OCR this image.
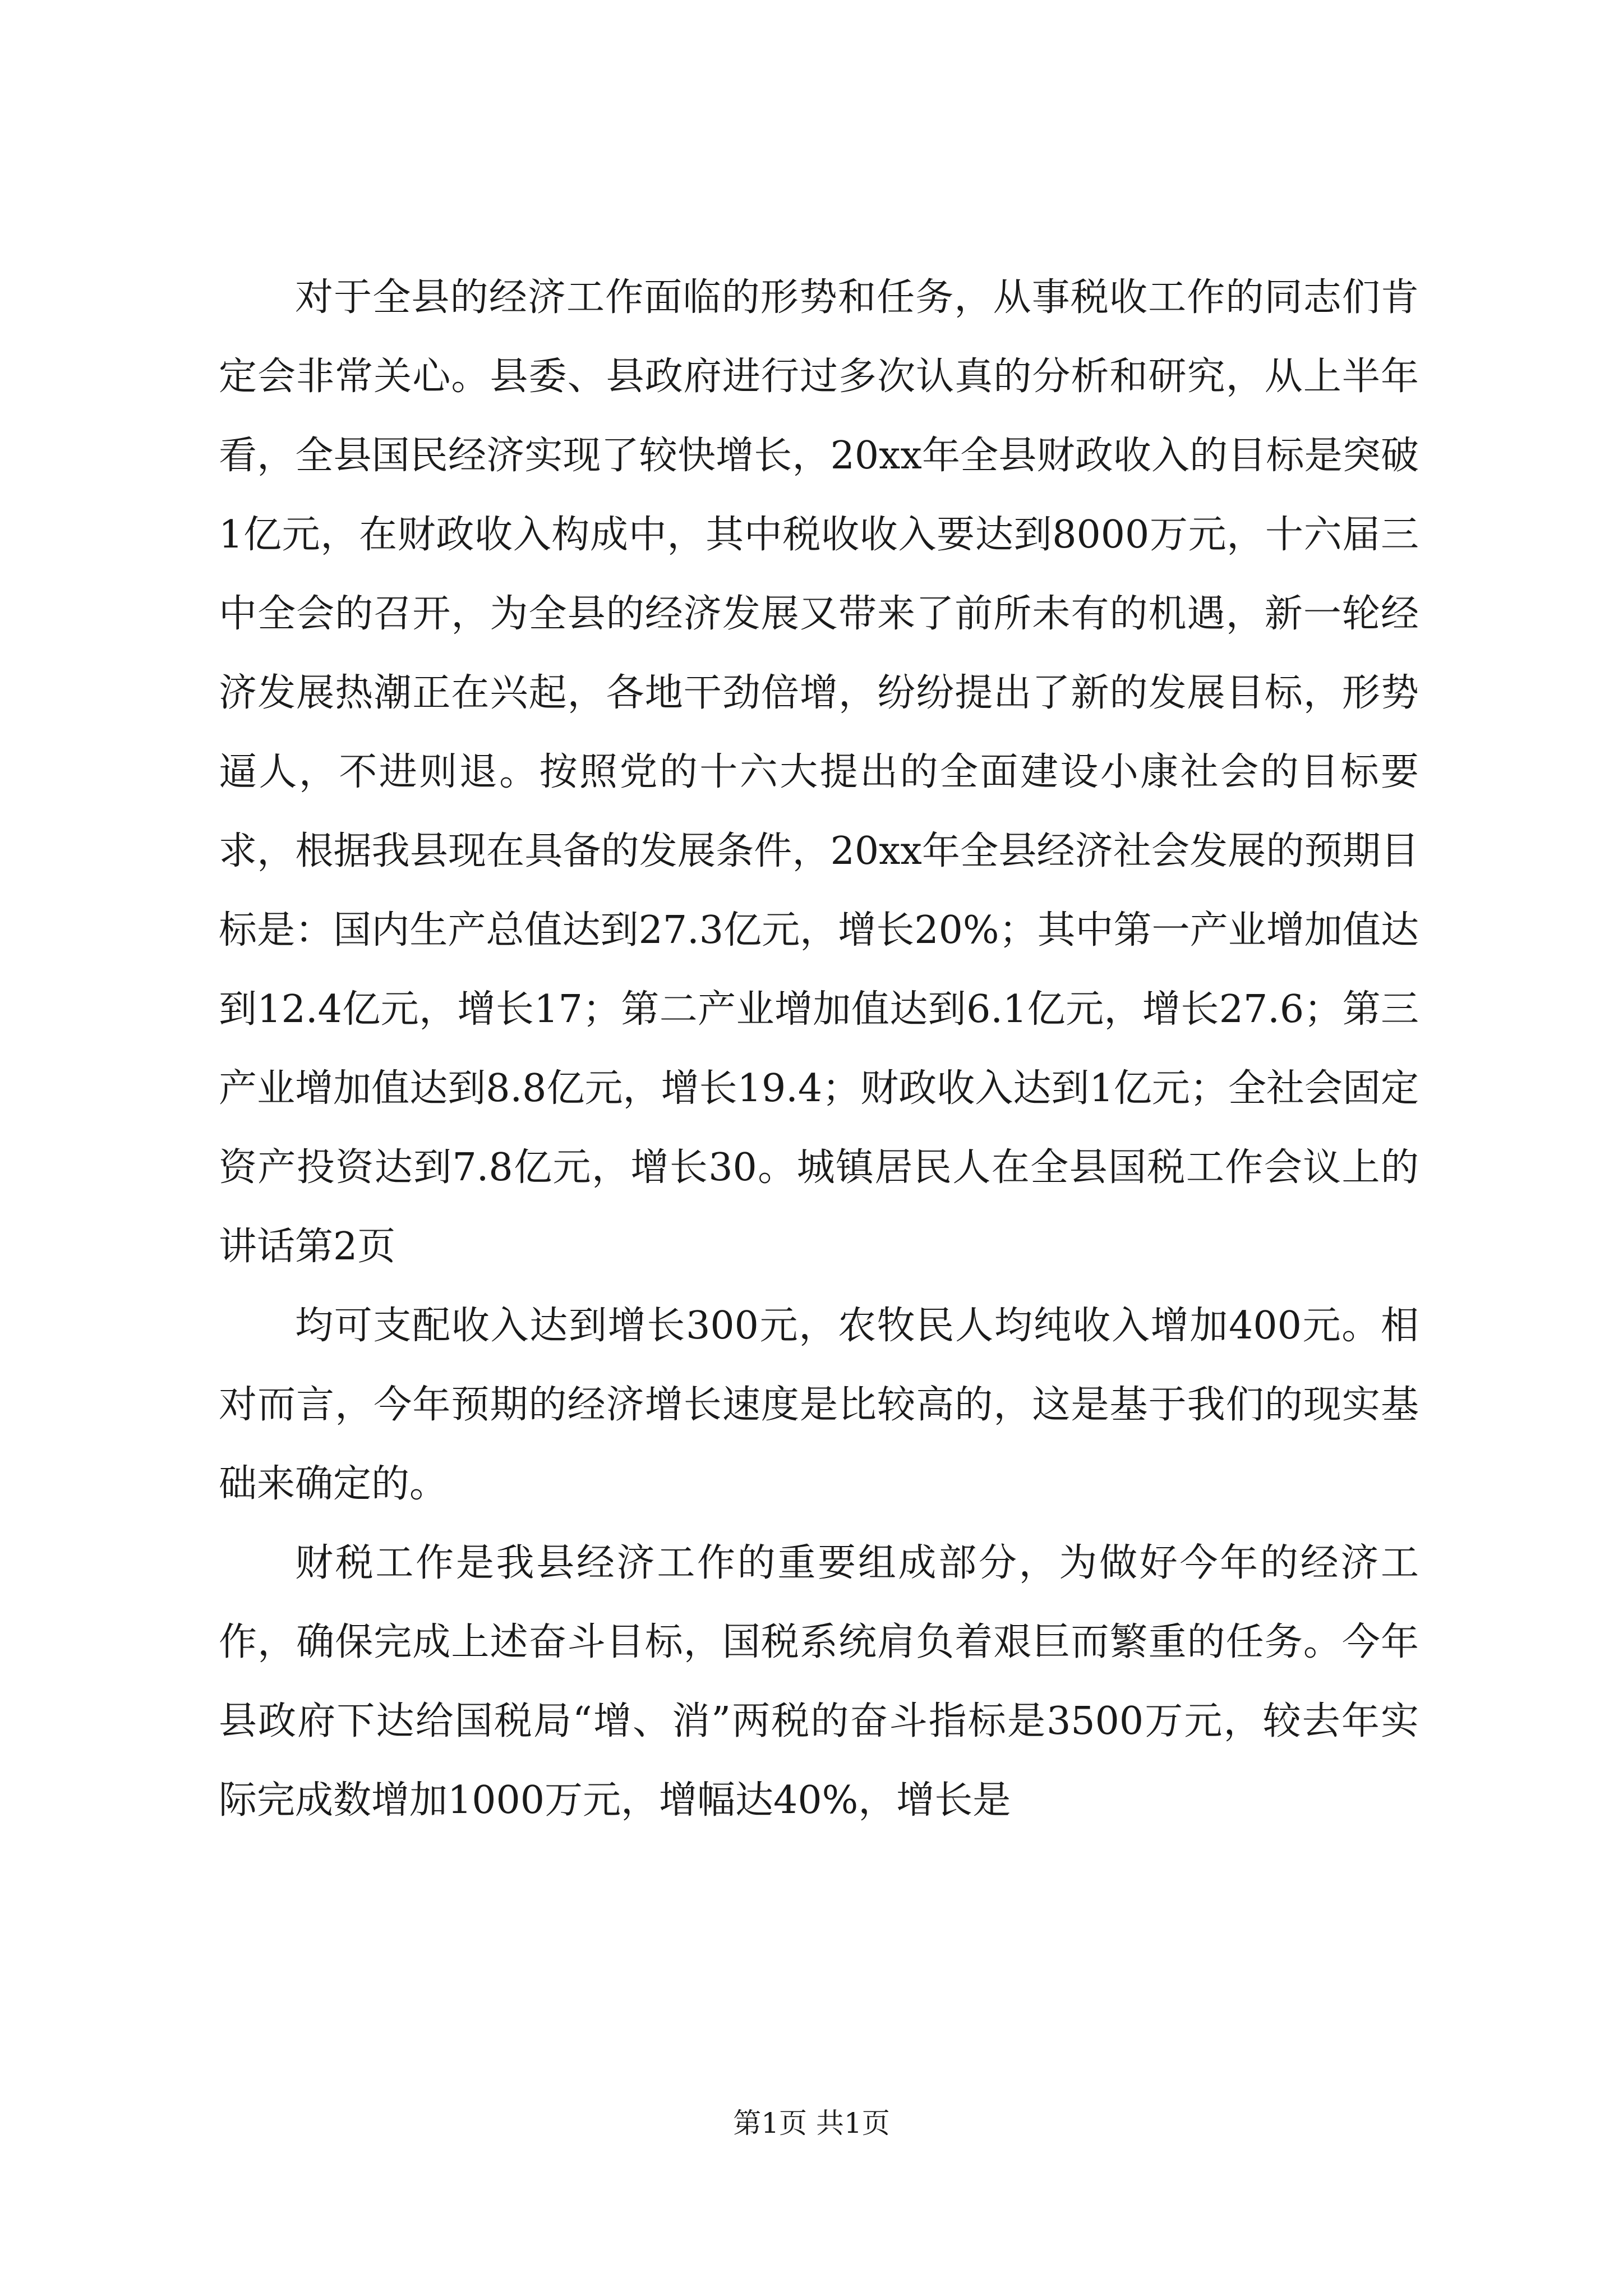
对于全县的经济工作面临的形势和任务，从事税收工作的同志们肯定会非常关心。县委、县政府进行过多次认真的分析和研究，从上半年看，全县国民经济实现了较快增长，20xx年全县财政收入的目标是突破1亿元，在财政收入构成中，其中税收收入要达到8000万元，十六届三中全会的召开，为全县的经济发展又带来了前所未有的机遇，新一轮经济发展热潮正在兴起，各地干劲倍增，纷纷提出了新的发展目标，形势逼人，不进则退。按照党的十六大提出的全面建设小康社会的目标要求，根据我县现在具备的发展条件，20xx年全县经济社会发展的预期目标是：国内生产总值达到27.3亿元，增长20%；其中第一产业增加值达到12.4亿元，增长17；第二产业增加值达到6.1亿元，增长27.6；第三产业增加值达到8.8亿元，增长19.4；财政收入达到1亿元；全社会固定资产投资达到7.8亿元，增长30。城镇居民人在全县国税工作会议上的讲话第2页

均可支配收入达到增长300元，农牧民人均纯收入增加400元。相对而言，今年预期的经济增长速度是比较高的，这是基于我们的现实基础来确定的。

财税工作是我县经济工作的重要组成部分，为做好今年的经济工作，确保完成上述奋斗目标，国税系统肩负着艰巨而繁重的任务。今年县政府下达给国税局“增、消”两税的奋斗指标是3500万元，较去年实际完成数增加1000万元，增幅达40%，增长是

第1页 共1页
